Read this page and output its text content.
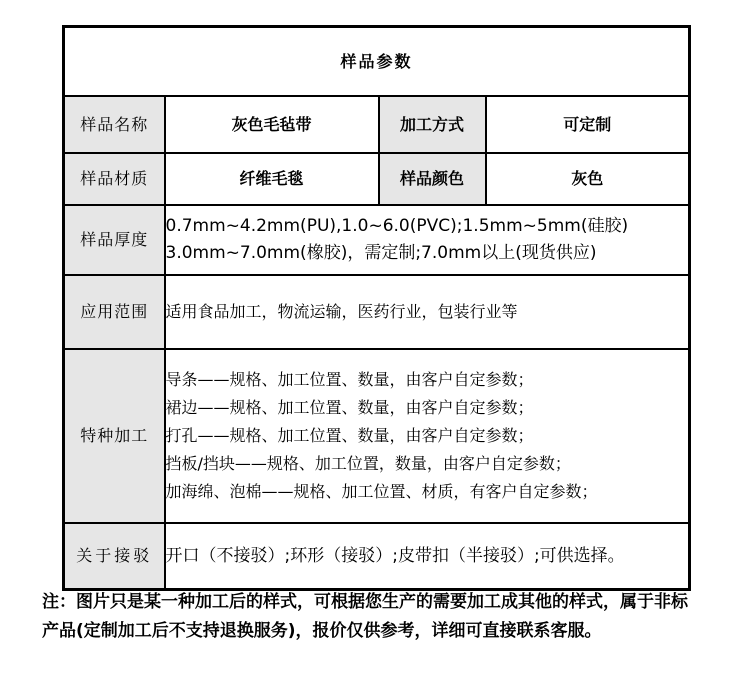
样品参数			
样品名称	灰色毛毡带	加工方式	可定制
样品材质	纤维毛毯	样品颜色	灰色
样品厚度	0.7mm~4.2mm(PU),1.0~6.0(PVC);1.5mm~5mm(硅胶)
3.0mm~7.0mm(橡胶)，需定制;7.0mm以上(现货供应)		

应用范围	适用食品加工，物流运输，医药行业，包装行业等		
特种加工	导条——规格、加工位置、数量，由客户自定参数；
裙边——规格、加工位置、数量，由客户自定参数；
打孔——规格、加工位置、数量，由客户自定参数；
挡板/挡块——规格、加工位置，数量，由客户自定参数；
加海绵、泡棉——规格、加工位置、材质，有客户自定参数；		

关于接驳	开口（不接驳）;环形（接驳）;皮带扣（半接驳）;可供选择。		
注：图片只是某一种加工后的样式，可根据您生产的需要加工成其他的样式，属于非标
产品(定制加工后不支持退换服务)，报价仅供参考，详细可直接联系客服。
